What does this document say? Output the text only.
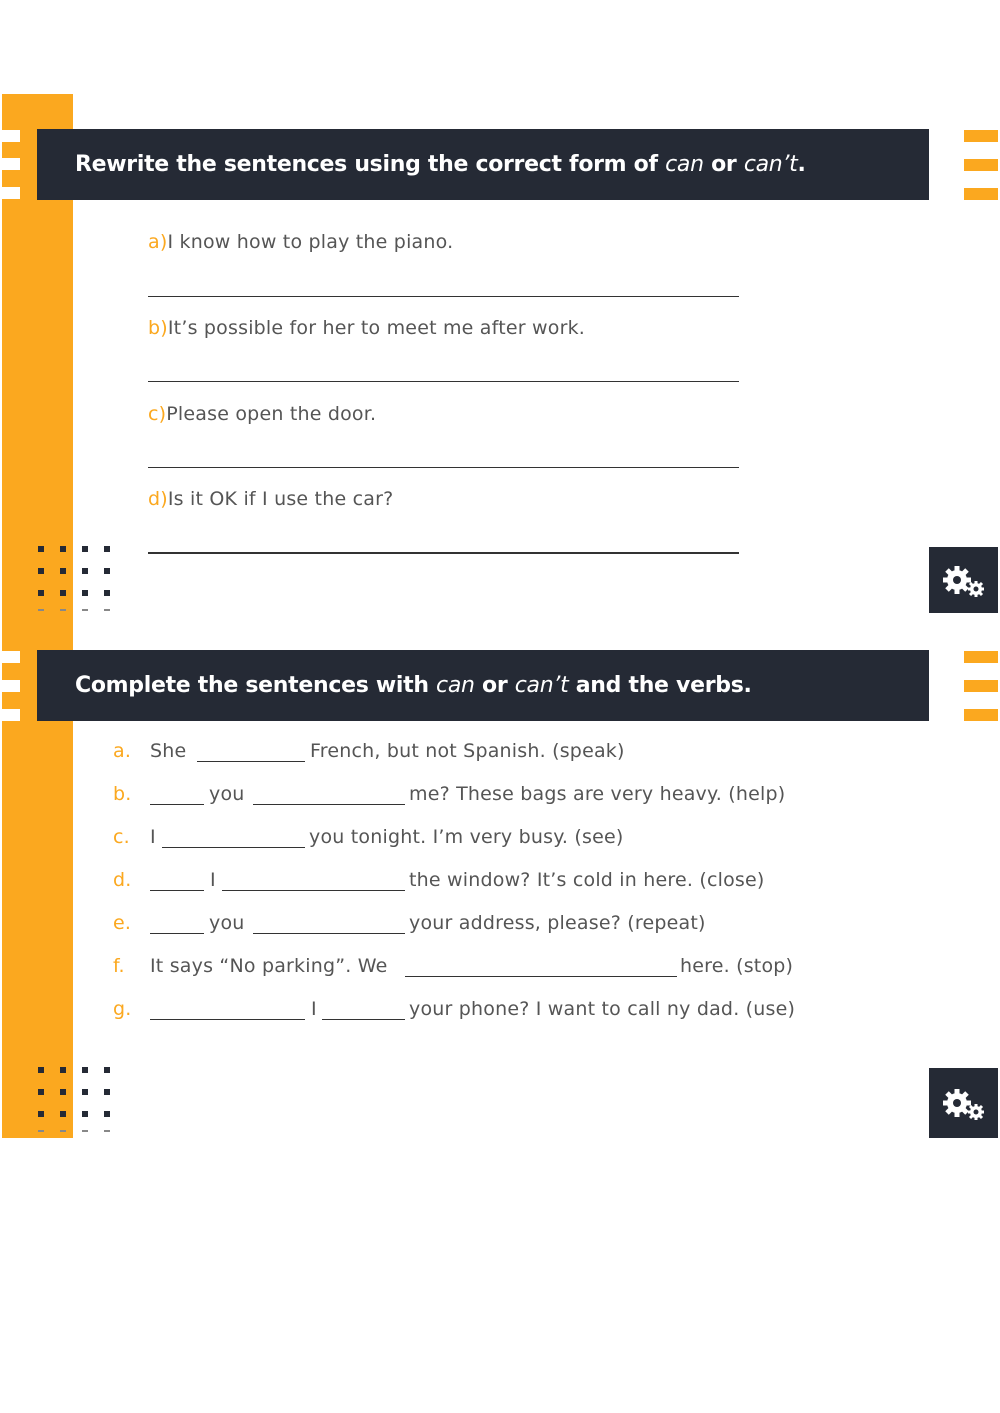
Rewrite the sentences using the correct form of can or can’t.
a)I know how to play the piano.
b)It’s possible for her to meet me after work.
c)Please open the door.
d)Is it OK if I use the car?
Complete the sentences with can or can’t and the verbs.
a. She	French, but not Spanish. (speak)
b.	you	me? These bags are very heavy. (help)
c. I	you tonight. I’m very busy. (see)
d.	I	the window? It’s cold in here. (close)
e.	you	your address, please? (repeat)
f. It says “No parking”. We	here. (stop)
g.	I	your phone? I want to call ny dad. (use)
